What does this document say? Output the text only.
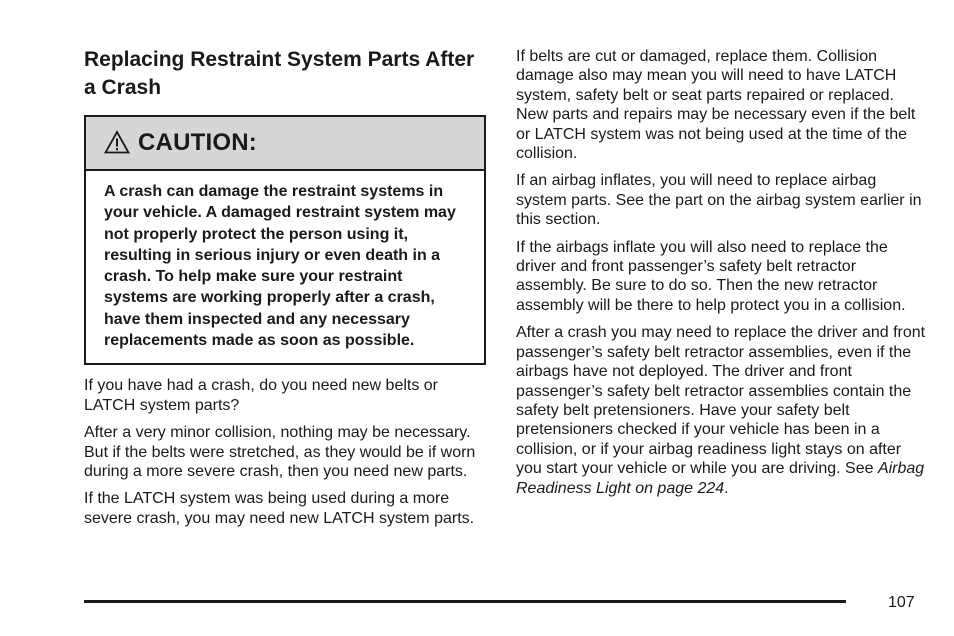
Replacing Restraint System Parts After a Crash
CAUTION:
A crash can damage the restraint systems in your vehicle. A damaged restraint system may not properly protect the person using it, resulting in serious injury or even death in a crash. To help make sure your restraint systems are working properly after a crash, have them inspected and any necessary replacements made as soon as possible.

If you have had a crash, do you need new belts or LATCH system parts?

After a very minor collision, nothing may be necessary. But if the belts were stretched, as they would be if worn during a more severe crash, then you need new parts.

If the LATCH system was being used during a more severe crash, you may need new LATCH system parts.

If belts are cut or damaged, replace them. Collision damage also may mean you will need to have LATCH system, safety belt or seat parts repaired or replaced. New parts and repairs may be necessary even if the belt or LATCH system was not being used at the time of the collision.

If an airbag inflates, you will need to replace airbag system parts. See the part on the airbag system earlier in this section.

If the airbags inflate you will also need to replace the driver and front passenger’s safety belt retractor assembly. Be sure to do so. Then the new retractor assembly will be there to help protect you in a collision.

After a crash you may need to replace the driver and front passenger’s safety belt retractor assemblies, even if the airbags have not deployed. The driver and front passenger’s safety belt retractor assemblies contain the safety belt pretensioners. Have your safety belt pretensioners checked if your vehicle has been in a collision, or if your airbag readiness light stays on after you start your vehicle or while you are driving. See Airbag Readiness Light on page 224.

107
